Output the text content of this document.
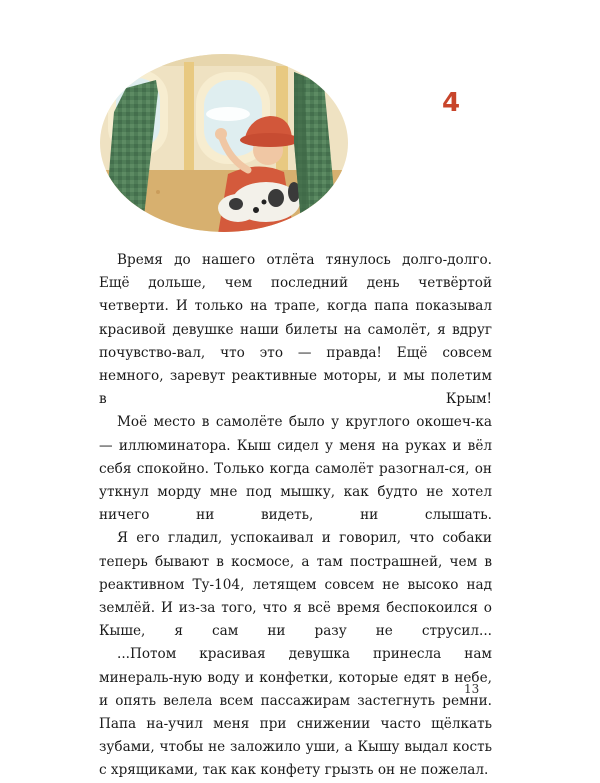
4

Время до нашего отлёта тянулось долго-долго. Ещё дольше, чем последний день четвёртой четверти. И только на трапе, когда папа показывал красивой девушке наши билеты на самолёт, я вдруг почувство-вал, что это — правда! Ещё совсем немного, заревут реактивные моторы, и мы полетим в Крым!

Моё место в самолёте было у круглого окошеч-ка — иллюминатора. Кыш сидел у меня на руках и вёл себя спокойно. Только когда самолёт разогнал-ся, он уткнул морду мне под мышку, как будто не хотел ничего ни видеть, ни слышать.

Я его гладил, успокаивал и говорил, что собаки теперь бывают в космосе, а там пострашней, чем в реактивном Ту-104, летящем совсем не высоко над землёй. И из-за того, что я всё время беспокоился о Кыше, я сам ни разу не струсил...

...Потом красивая девушка принесла нам минераль-ную воду и конфетки, которые едят в небе, и опять велела всем пассажирам застегнуть ремни. Папа на-учил меня при снижении часто щёлкать зубами, чтобы не заложило уши, а Кышу выдал кость с хрящиками, так как конфету грызть он не пожелал.

13
